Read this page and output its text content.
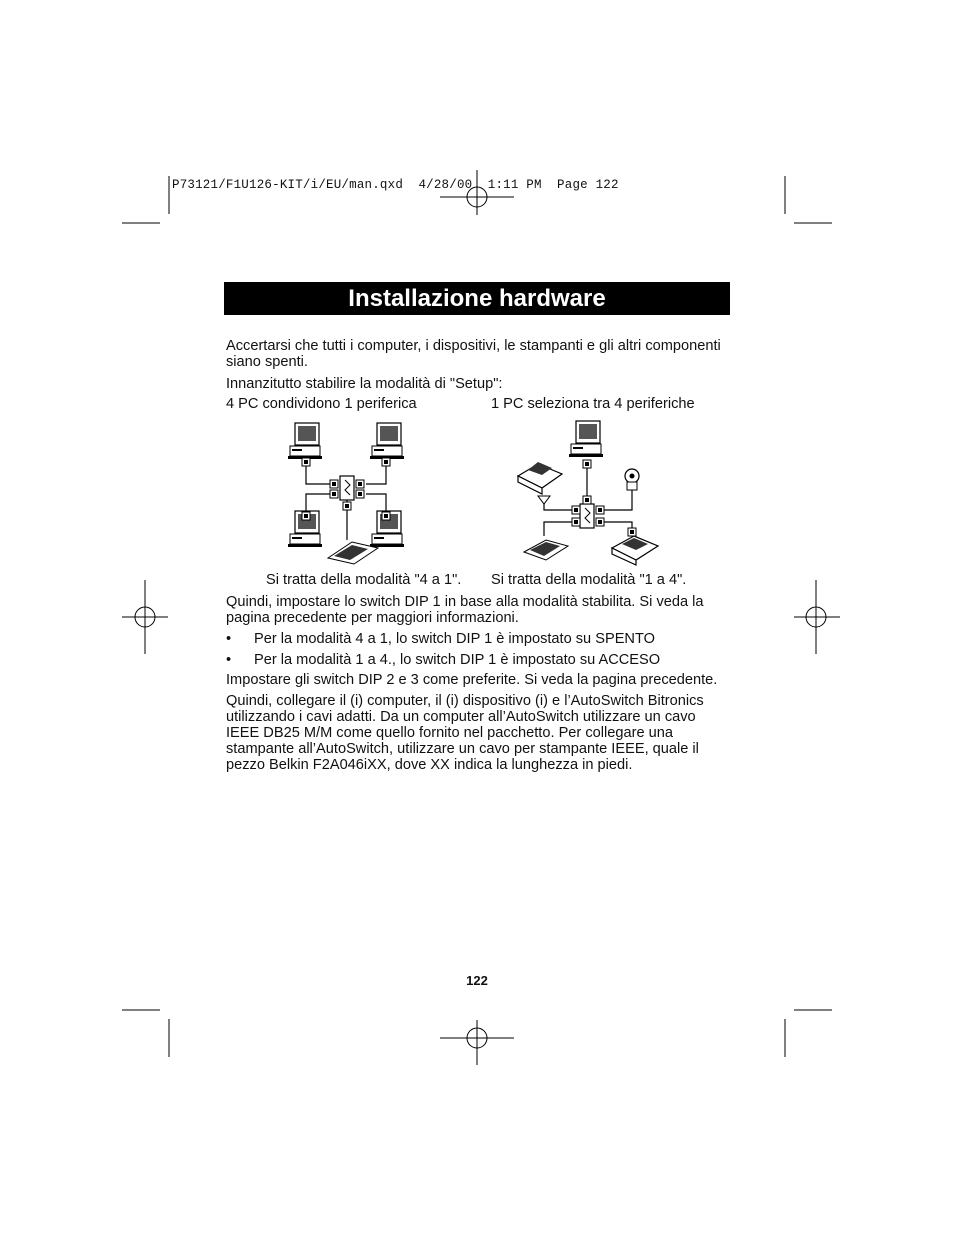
P73121/F1U126-KIT/i/EU/man.qxd  4/28/00  1:11 PM  Page 122
Installazione hardware
Accertarsi che tutti i computer, i dispositivi, le stampanti e gli altri componenti siano spenti.
Innanzitutto stabilire la modalità di "Setup":
4 PC condividono 1 periferica	1 PC seleziona tra 4 periferiche
Si tratta della modalità "4 a 1". Si tratta della modalità "1 a 4".
Quindi, impostare lo switch DIP 1 in base alla modalità stabilita. Si veda la pagina precedente per maggiori informazioni.
• Per la modalità 4 a 1, lo switch DIP 1 è impostato su SPENTO
• Per la modalità 1 a 4., lo switch DIP 1 è impostato su ACCESO
Impostare gli switch DIP 2 e 3 come preferite. Si veda la pagina precedente.
Quindi, collegare il (i) computer, il (i) dispositivo (i) e l’AutoSwitch Bitronics utilizzando i cavi adatti. Da un computer all’AutoSwitch utilizzare un cavo IEEE DB25 M/M come quello fornito nel pacchetto. Per collegare una stampante all’AutoSwitch, utilizzare un cavo per stampante IEEE, quale il pezzo Belkin F2A046iXX, dove XX indica la lunghezza in piedi.
122
